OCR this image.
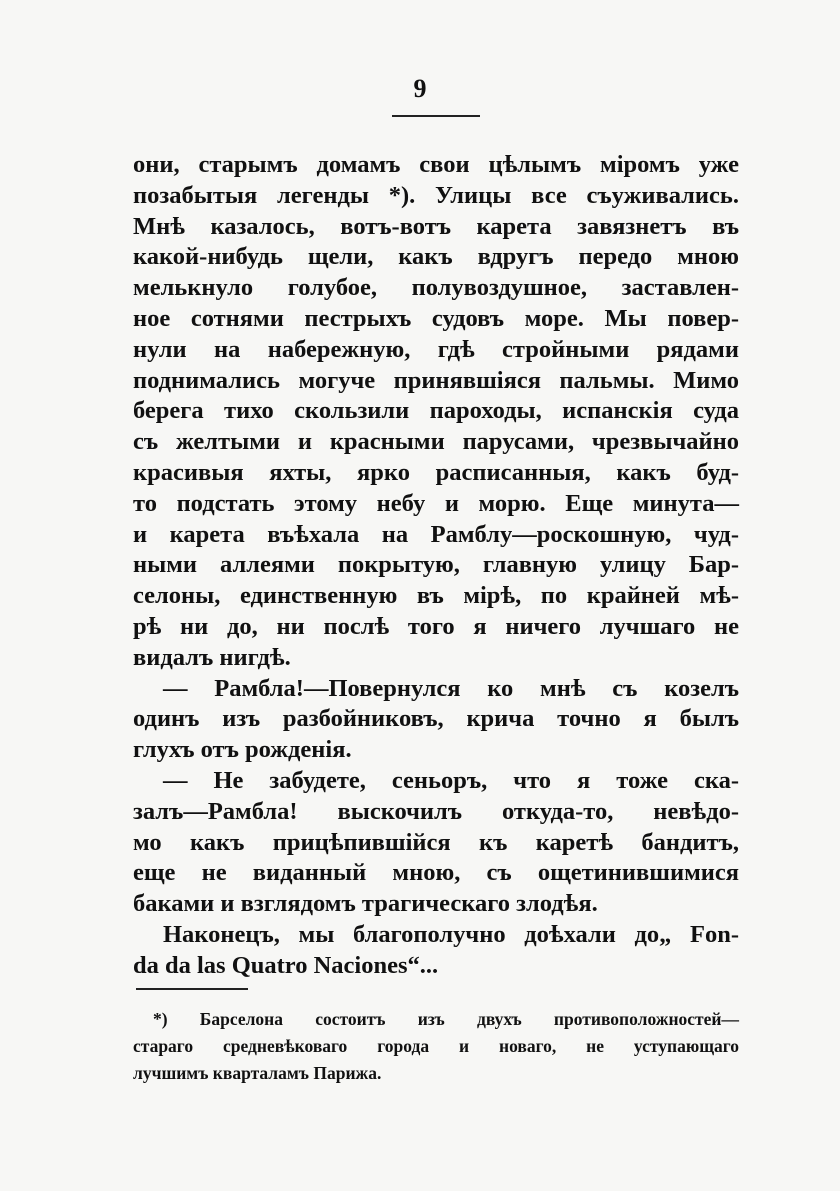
9
они, старымъ домамъ свои цѣлымъ міромъ уже
позабытыя легенды *). Улицы все съуживались.
Мнѣ казалось, вотъ-вотъ карета завязнетъ въ
какой-нибудь щели, какъ вдругъ передо мною
мелькнуло голубое, полувоздушное, заставлен-
ное сотнями пестрыхъ судовъ море. Мы повер-
нули на набережную, гдѣ стройными рядами
поднимались могуче принявшіяся пальмы. Мимо
берега тихо скользили пароходы, испанскія суда
съ желтыми и красными парусами, чрезвычайно
красивыя яхты, ярко расписанныя, какъ буд-
то подстать этому небу и морю. Еще минута—
и карета въѣхала на Рамблу—роскошную, чуд-
ными аллеями покрытую, главную улицу Бар-
селоны, единственную въ мірѣ, по крайней мѣ-
рѣ ни до, ни послѣ того я ничего лучшаго не
видалъ нигдѣ.
— Рамбла!—Повернулся ко мнѣ съ козелъ
одинъ изъ разбойниковъ, крича точно я былъ
глухъ отъ рожденія.
— Не забудете, сеньоръ, что я тоже ска-
залъ—Рамбла! выскочилъ откуда-то, невѣдо-
мо какъ прицѣпившійся къ каретѣ бандитъ,
еще не виданный мною, съ ощетинившимися
баками и взглядомъ трагическаго злодѣя.
Наконецъ, мы благополучно доѣхали до„ Fon-
da da las Quatro Naciones“...
*) Барселона состоитъ изъ двухъ противоположностей—
стараго средневѣковаго города и новаго, не уступающаго
лучшимъ кварталамъ Парижа.
